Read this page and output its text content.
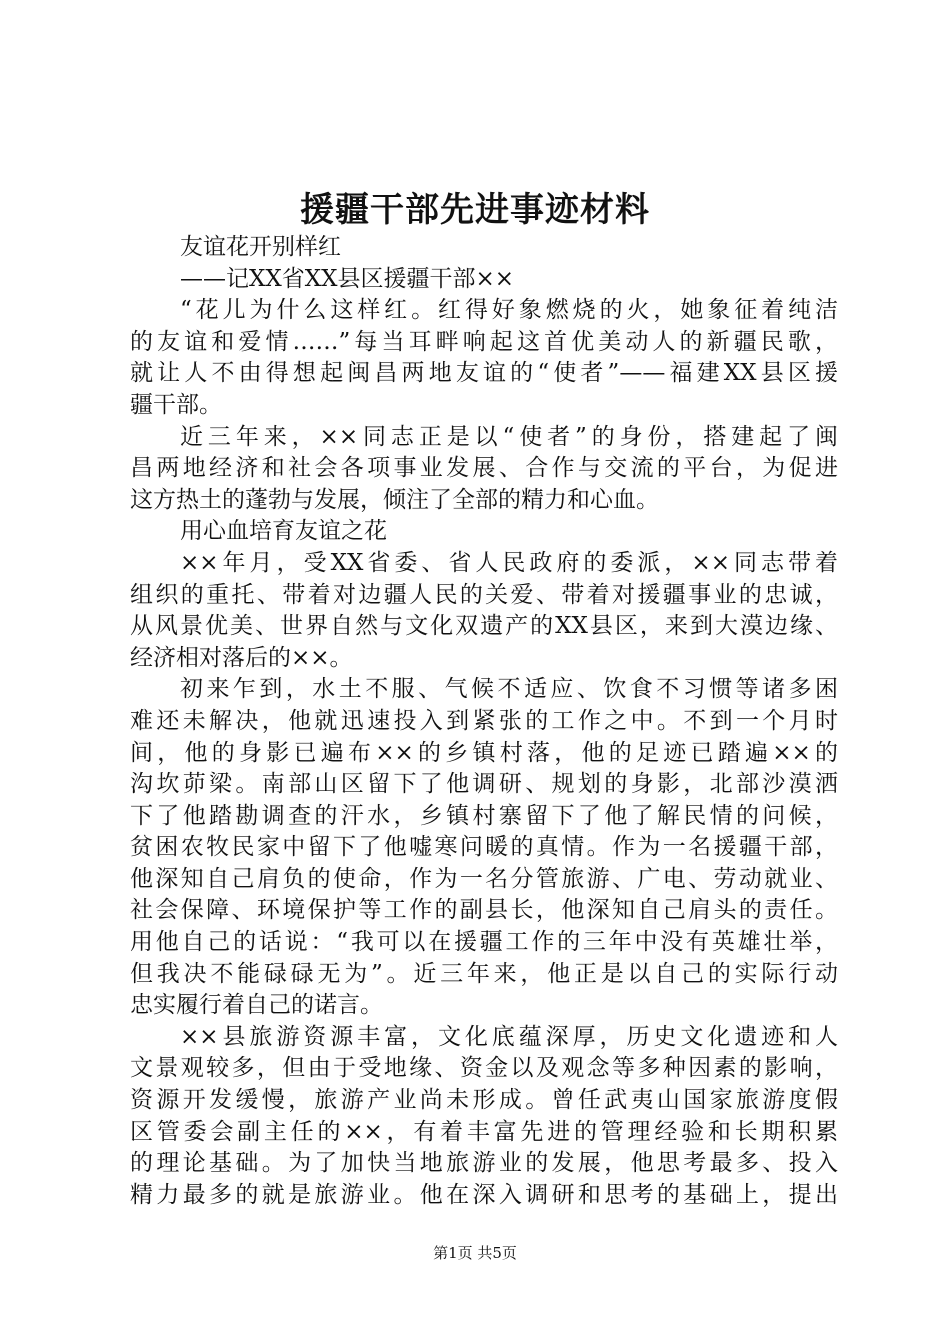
援疆干部先进事迹材料
友谊花开别样红
——记XX省XX县区援疆干部××
“花儿为什么这样红。红得好象燃烧的火，她象征着纯洁
的友谊和爱情……”每当耳畔响起这首优美动人的新疆民歌，
就让人不由得想起闽昌两地友谊的“使者”——福建XX县区援
疆干部。
近三年来，××同志正是以“使者”的身份，搭建起了闽
昌两地经济和社会各项事业发展、合作与交流的平台，为促进
这方热土的蓬勃与发展，倾注了全部的精力和心血。
用心血培育友谊之花
××年月，受XX省委、省人民政府的委派，××同志带着
组织的重托、带着对边疆人民的关爱、带着对援疆事业的忠诚，
从风景优美、世界自然与文化双遗产的XX县区，来到大漠边缘、
经济相对落后的××。
初来乍到，水土不服、气候不适应、饮食不习惯等诸多困
难还未解决，他就迅速投入到紧张的工作之中。不到一个月时
间，他的身影已遍布××的乡镇村落，他的足迹已踏遍××的
沟坎茆梁。南部山区留下了他调研、规划的身影，北部沙漠洒
下了他踏勘调查的汗水，乡镇村寨留下了他了解民情的问候，
贫困农牧民家中留下了他嘘寒问暖的真情。作为一名援疆干部，
他深知自己肩负的使命，作为一名分管旅游、广电、劳动就业、
社会保障、环境保护等工作的副县长，他深知自己肩头的责任。
用他自己的话说：“我可以在援疆工作的三年中没有英雄壮举，
但我决不能碌碌无为”。近三年来，他正是以自己的实际行动
忠实履行着自己的诺言。
××县旅游资源丰富，文化底蕴深厚，历史文化遗迹和人
文景观较多，但由于受地缘、资金以及观念等多种因素的影响，
资源开发缓慢，旅游产业尚未形成。曾任武夷山国家旅游度假
区管委会副主任的××，有着丰富先进的管理经验和长期积累
的理论基础。为了加快当地旅游业的发展，他思考最多、投入
精力最多的就是旅游业。他在深入调研和思考的基础上，提出
第1页 共5页
